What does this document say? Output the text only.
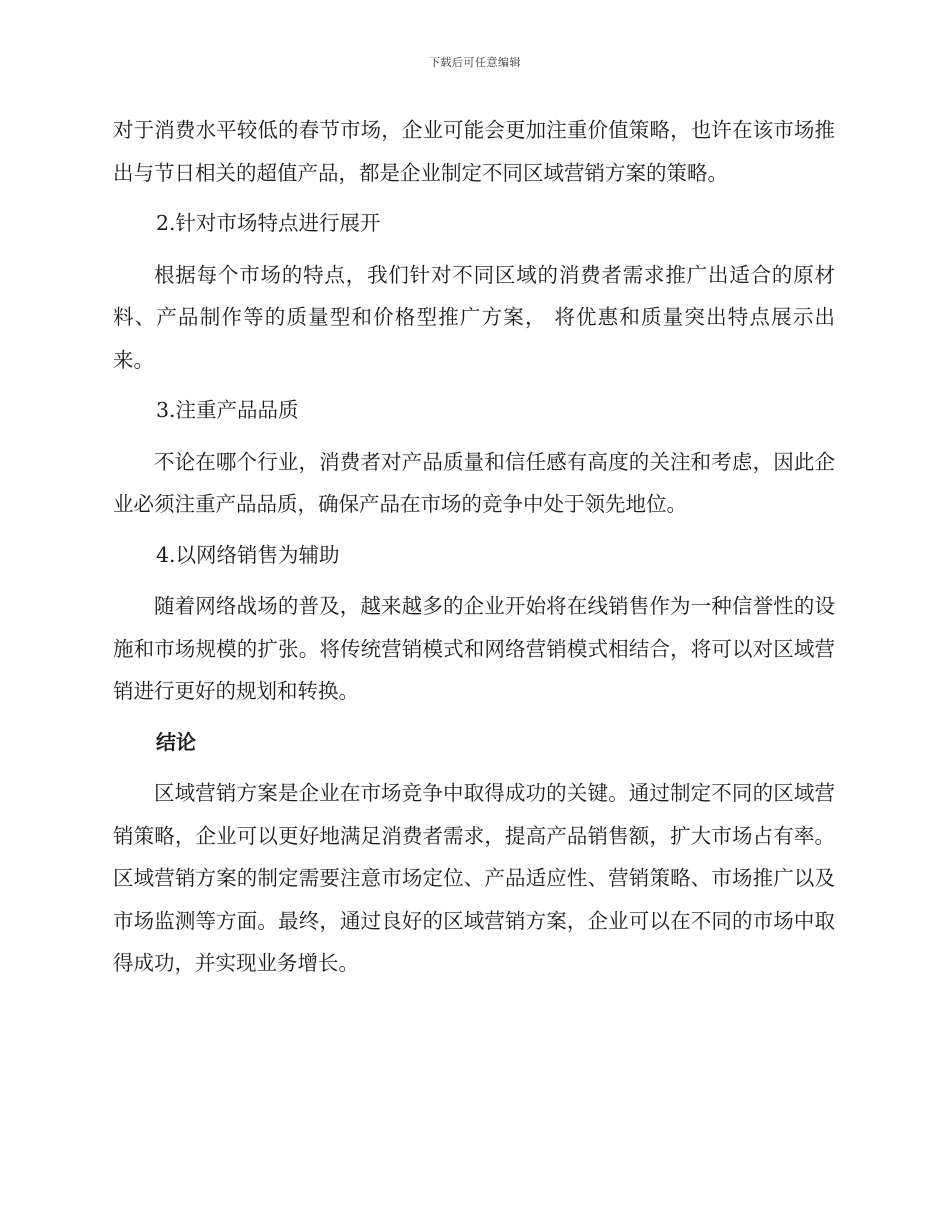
下载后可任意编辑

对于消费水平较低的春节市场，企业可能会更加注重价值策略，也许在该市场推出与节日相关的超值产品，都是企业制定不同区域营销方案的策略。

2.针对市场特点进行展开

根据每个市场的特点，我们针对不同区域的消费者需求推广出适合的原材料、产品制作等的质量型和价格型推广方案， 将优惠和质量突出特点展示出来。

3.注重产品品质

不论在哪个行业，消费者对产品质量和信任感有高度的关注和考虑，因此企业必须注重产品品质，确保产品在市场的竞争中处于领先地位。

4.以网络销售为辅助

随着网络战场的普及，越来越多的企业开始将在线销售作为一种信誉性的设施和市场规模的扩张。将传统营销模式和网络营销模式相结合，将可以对区域营销进行更好的规划和转换。

结论

区域营销方案是企业在市场竞争中取得成功的关键。通过制定不同的区域营销策略，企业可以更好地满足消费者需求，提高产品销售额，扩大市场占有率。区域营销方案的制定需要注意市场定位、产品适应性、营销策略、市场推广以及市场监测等方面。最终，通过良好的区域营销方案，企业可以在不同的市场中取得成功，并实现业务增长。
